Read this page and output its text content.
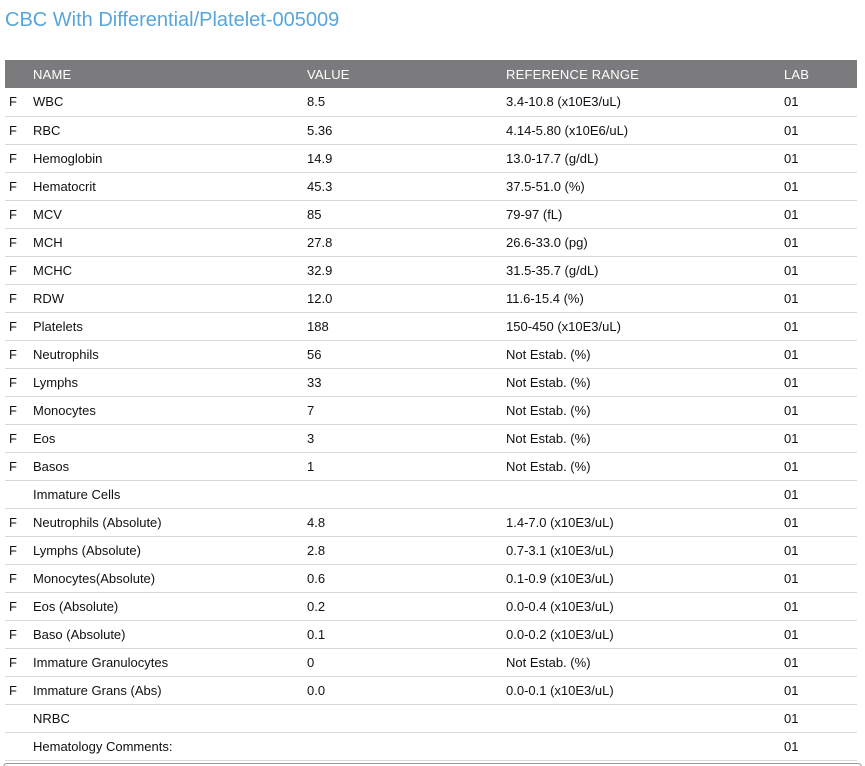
CBC With Differential/Platelet-005009
	NAME	VALUE	REFERENCE RANGE	LAB
F	WBC	8.5	3.4-10.8 (x10E3/uL)	01
F	RBC	5.36	4.14-5.80 (x10E6/uL)	01
F	Hemoglobin	14.9	13.0-17.7 (g/dL)	01
F	Hematocrit	45.3	37.5-51.0 (%)	01
F	MCV	85	79-97 (fL)	01
F	MCH	27.8	26.6-33.0 (pg)	01
F	MCHC	32.9	31.5-35.7 (g/dL)	01
F	RDW	12.0	11.6-15.4 (%)	01
F	Platelets	188	150-450 (x10E3/uL)	01
F	Neutrophils	56	Not Estab. (%)	01
F	Lymphs	33	Not Estab. (%)	01
F	Monocytes	7	Not Estab. (%)	01
F	Eos	3	Not Estab. (%)	01
F	Basos	1	Not Estab. (%)	01
	Immature Cells			01
F	Neutrophils (Absolute)	4.8	1.4-7.0 (x10E3/uL)	01
F	Lymphs (Absolute)	2.8	0.7-3.1 (x10E3/uL)	01
F	Monocytes(Absolute)	0.6	0.1-0.9 (x10E3/uL)	01
F	Eos (Absolute)	0.2	0.0-0.4 (x10E3/uL)	01
F	Baso (Absolute)	0.1	0.0-0.2 (x10E3/uL)	01
F	Immature Granulocytes	0	Not Estab. (%)	01
F	Immature Grans (Abs)	0.0	0.0-0.1 (x10E3/uL)	01
	NRBC			01
	Hematology Comments:			01
